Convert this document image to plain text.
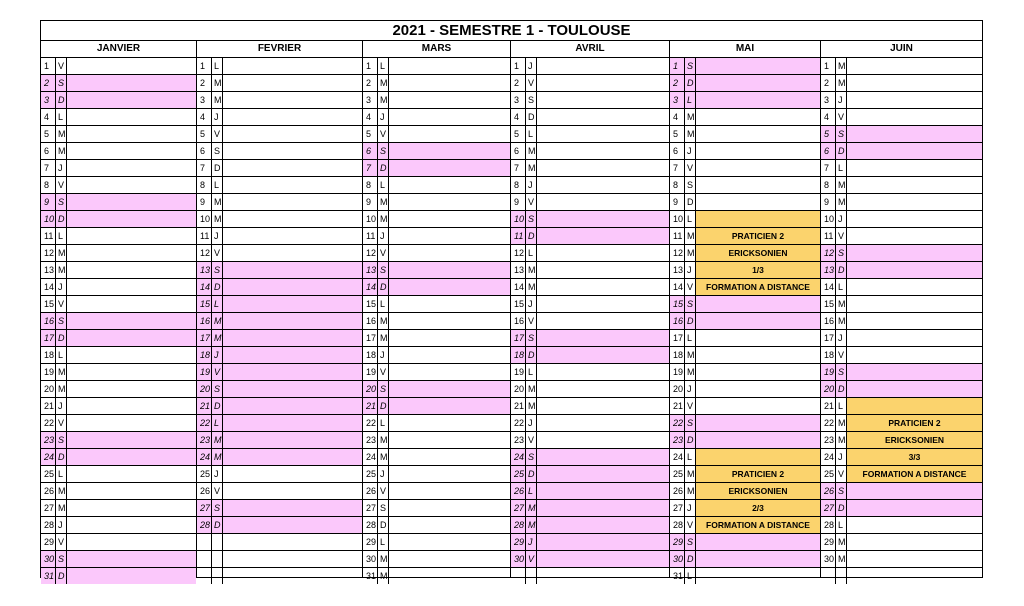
2021 - SEMESTRE 1 - TOULOUSE
JANVIER
1 V
2 S
3 D
4 L
5 M
6 M
7 J
8 V
9 S
10 D
11 L
12 M
13 M
14 J
15 V
16 S
17 D
18 L
19 M
20 M
21 J
22 V
23 S
24 D
25 L
26 M
27 M
28 J
29 V
30 S
31 D
FEVRIER
1 L
2 M
3 M
4 J
5 V
6 S
7 D
8 L
9 M
10 M
11 J
12 V
13 S
14 D
15 L
16 M
17 M
18 J
19 V
20 S
21 D
22 L
23 M
24 M
25 J
26 V
27 S
28 D
MARS
1 L
2 M
3 M
4 J
5 V
6 S
7 D
8 L
9 M
10 M
11 J
12 V
13 S
14 D
15 L
16 M
17 M
18 J
19 V
20 S
21 D
22 L
23 M
24 M
25 J
26 V
27 S
28 D
29 L
30 M
31 M
AVRIL
1 J
2 V
3 S
4 D
5 L
6 M
7 M
8 J
9 V
10 S
11 D
12 L
13 M
14 M
15 J
16 V
17 S
18 D
19 L
20 M
21 M
22 J
23 V
24 S
25 D
26 L
27 M
28 M
29 J
30 V
MAI
1 S
2 D
3 L
4 M
5 M
6 J
7 V
8 S
9 D
10 L
11 M	PRATICIEN 2
12 M	ERICKSONIEN
13 J	1/3
14 V	FORMATION A DISTANCE
15 S
16 D
17 L
18 M
19 M
20 J
21 V
22 S
23 D
24 L
25 M	PRATICIEN 2
26 M	ERICKSONIEN
27 J	2/3
28 V	FORMATION A DISTANCE
29 S
30 D
31 L
JUIN
1 M
2 M
3 J
4 V
5 S
6 D
7 L
8 M
9 M
10 J
11 V
12 S
13 D
14 L
15 M
16 M
17 J
18 V
19 S
20 D
21 L
22 M	PRATICIEN 2
23 M	ERICKSONIEN
24 J	3/3
25 V	FORMATION A DISTANCE
26 S
27 D
28 L
29 M
30 M
